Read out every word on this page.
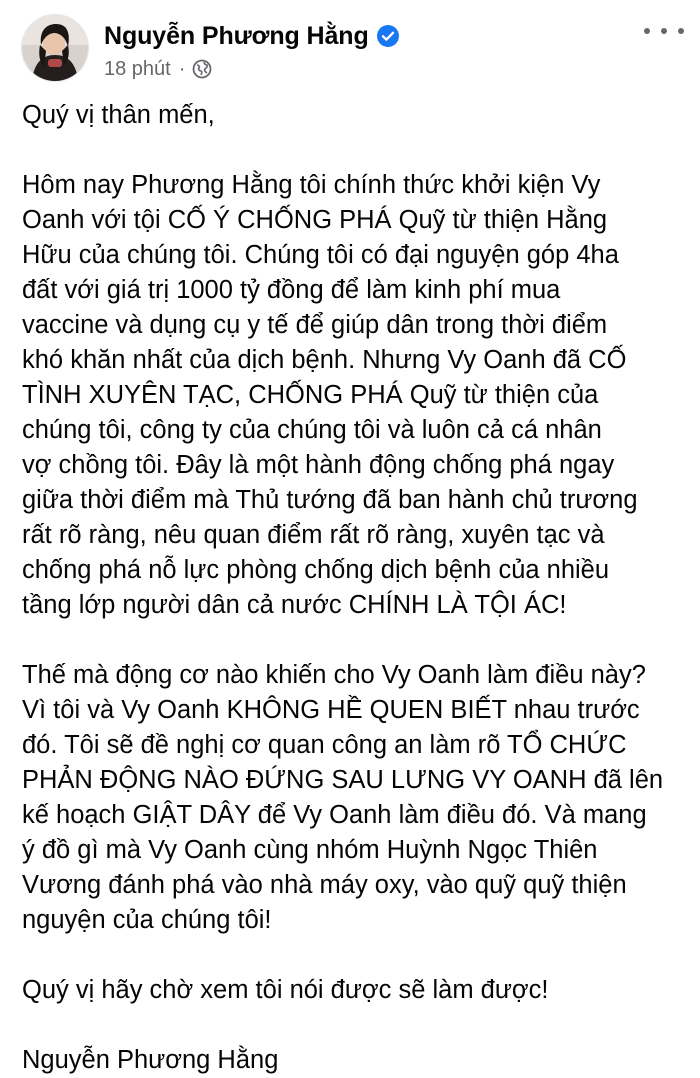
Nguyễn Phương Hằng
18 phút ·

Quý vị thân mến,

Hôm nay Phương Hằng tôi chính thức khởi kiện Vy

Oanh với tội CỐ Ý CHỐNG PHÁ Quỹ từ thiện Hằng

Hữu của chúng tôi. Chúng tôi có đại nguyện góp 4ha

đất với giá trị 1000 tỷ đồng để làm kinh phí mua

vaccine và dụng cụ y tế để giúp dân trong thời điểm

khó khăn nhất của dịch bệnh. Nhưng Vy Oanh đã CỐ

TÌNH XUYÊN TẠC, CHỐNG PHÁ Quỹ từ thiện của

chúng tôi, công ty của chúng tôi và luôn cả cá nhân

vợ chồng tôi. Đây là một hành động chống phá ngay

giữa thời điểm mà Thủ tướng đã ban hành chủ trương

rất rõ ràng, nêu quan điểm rất rõ ràng, xuyên tạc và

chống phá nỗ lực phòng chống dịch bệnh của nhiều

tầng lớp người dân cả nước CHÍNH LÀ TỘI ÁC!

Thế mà động cơ nào khiến cho Vy Oanh làm điều này?

Vì tôi và Vy Oanh KHÔNG HỀ QUEN BIẾT nhau trước

đó. Tôi sẽ đề nghị cơ quan công an làm rõ TỔ CHỨC

PHẢN ĐỘNG NÀO ĐỨNG SAU LƯNG VY OANH đã lên

kế hoạch GIẬT DÂY để Vy Oanh làm điều đó. Và mang

ý đồ gì mà Vy Oanh cùng nhóm Huỳnh Ngọc Thiên

Vương đánh phá vào nhà máy oxy, vào quỹ quỹ thiện

nguyện của chúng tôi!

Quý vị hãy chờ xem tôi nói được sẽ làm được!

Nguyễn Phương Hằng
